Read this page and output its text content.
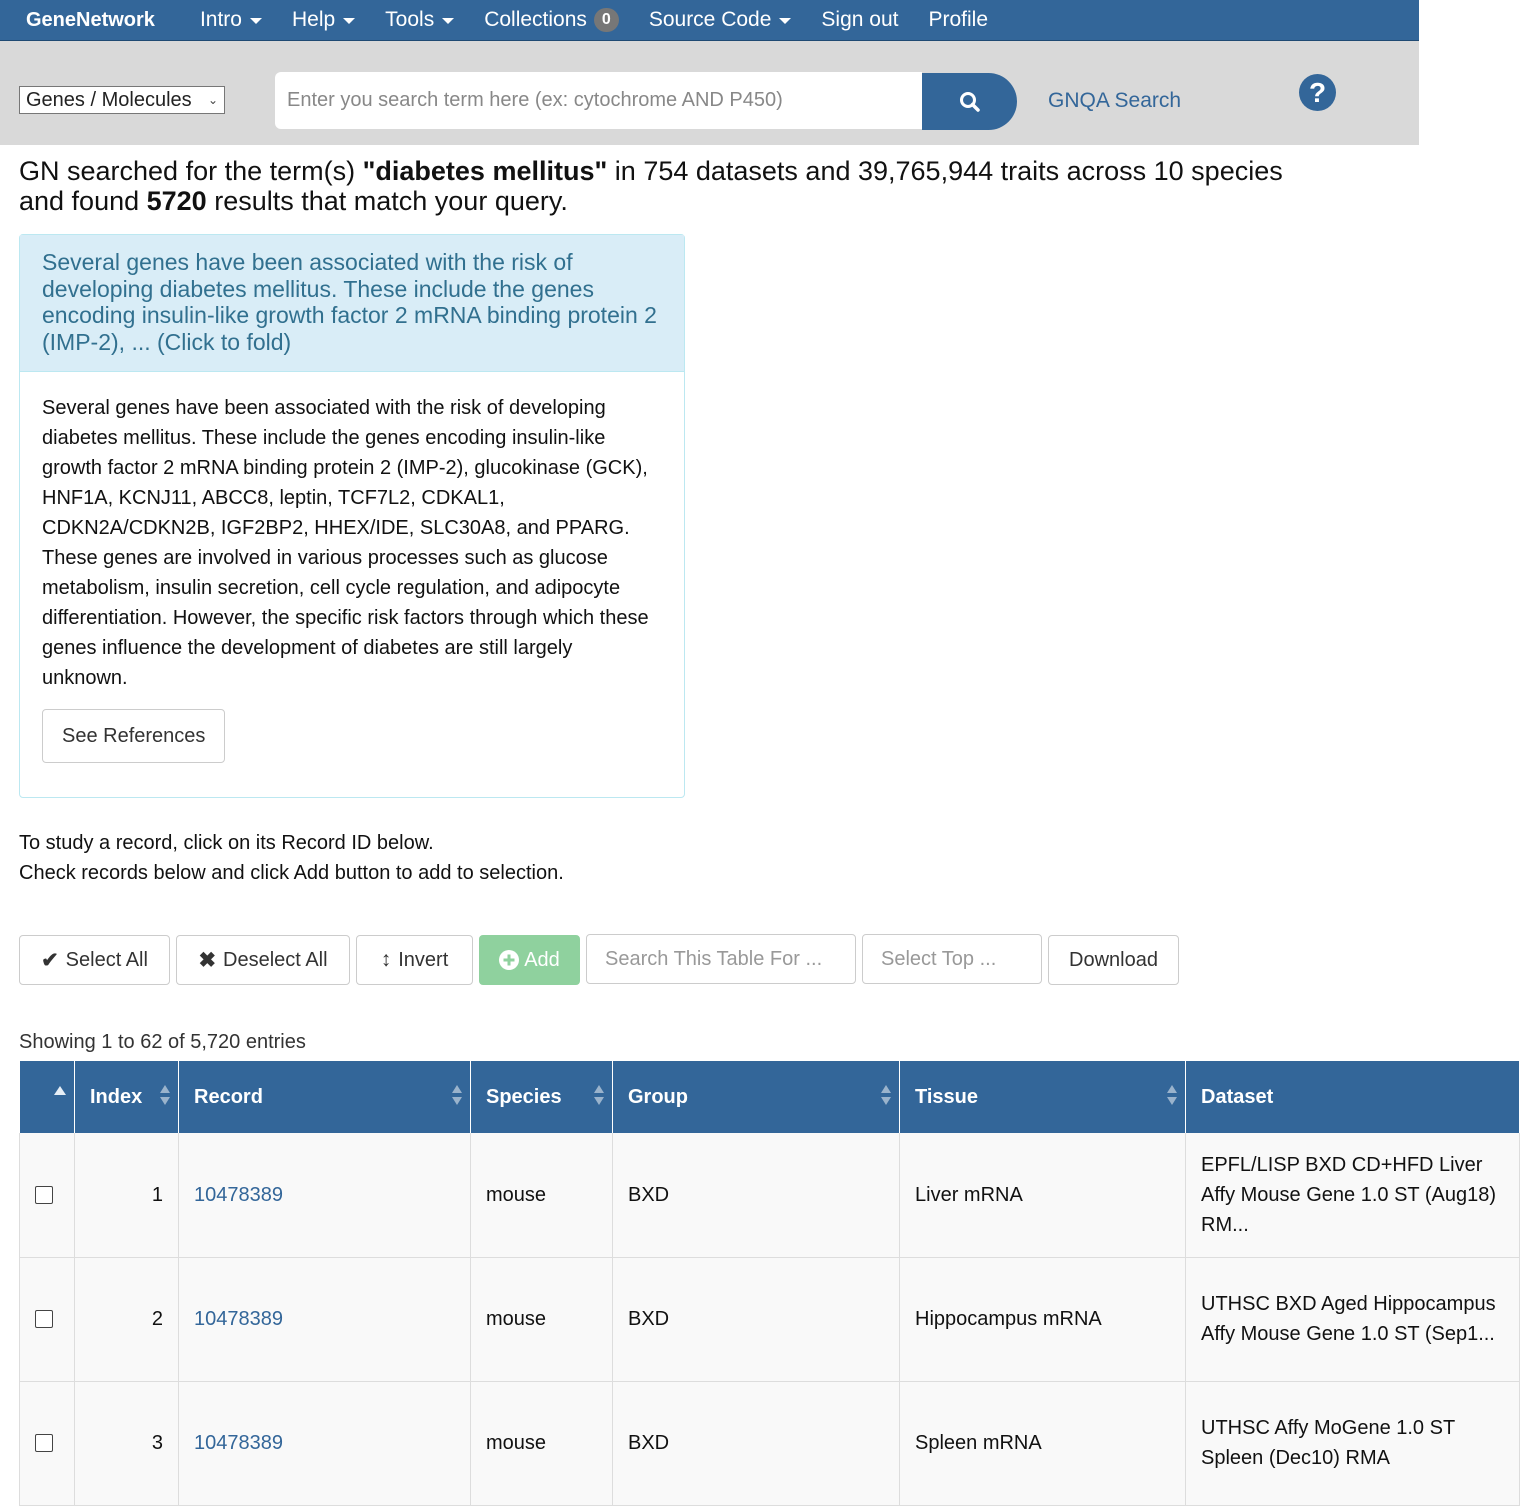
GeneNetwork Intro Help Tools Collections 0	Source Code Sign out Profile
Genes / Molecules ⌄
Enter you search term here (ex: cytochrome AND P450)	GNQA Search	?
GN searched for the term(s) "diabetes mellitus" in 754 datasets and 39,765,944 traits across 10 species and found 5720 results that match your query.
Several genes have been associated with the risk of developing diabetes mellitus. These include the genes encoding insulin-like growth factor 2 mRNA binding protein 2 (IMP-2), ... (Click to fold)
Several genes have been associated with the risk of developing diabetes mellitus. These include the genes encoding insulin-like growth factor 2 mRNA binding protein 2 (IMP-2), glucokinase (GCK), HNF1A, KCNJ11, ABCC8, leptin, TCF7L2, CDKAL1, CDKN2A/CDKN2B, IGF2BP2, HHEX/IDE, SLC30A8, and PPARG. These genes are involved in various processes such as glucose metabolism, insulin secretion, cell cycle regulation, and adipocyte differentiation. However, the specific risk factors through which these genes influence the development of diabetes are still largely unknown.
See References
To study a record, click on its Record ID below.
Check records below and click Add button to add to selection.
✔ Select All ✖ Deselect All	↕ Invert	Add
Search This Table For ...
Select Top ...	Download
Showing 1 to 62 of 5,720 entries
	Index	Record	Species	Group	Tissue	Dataset

	1	10478389	mouse	BXD	Liver mRNA	EPFL/LISP BXD CD+HFD Liver Affy Mouse Gene 1.0 ST (Aug18) RM...

	2	10478389	mouse	BXD	Hippocampus mRNA	UTHSC BXD Aged Hippocampus Affy Mouse Gene 1.0 ST (Sep1...

	3	10478389	mouse	BXD	Spleen mRNA	UTHSC Affy MoGene 1.0 ST Spleen (Dec10) RMA
